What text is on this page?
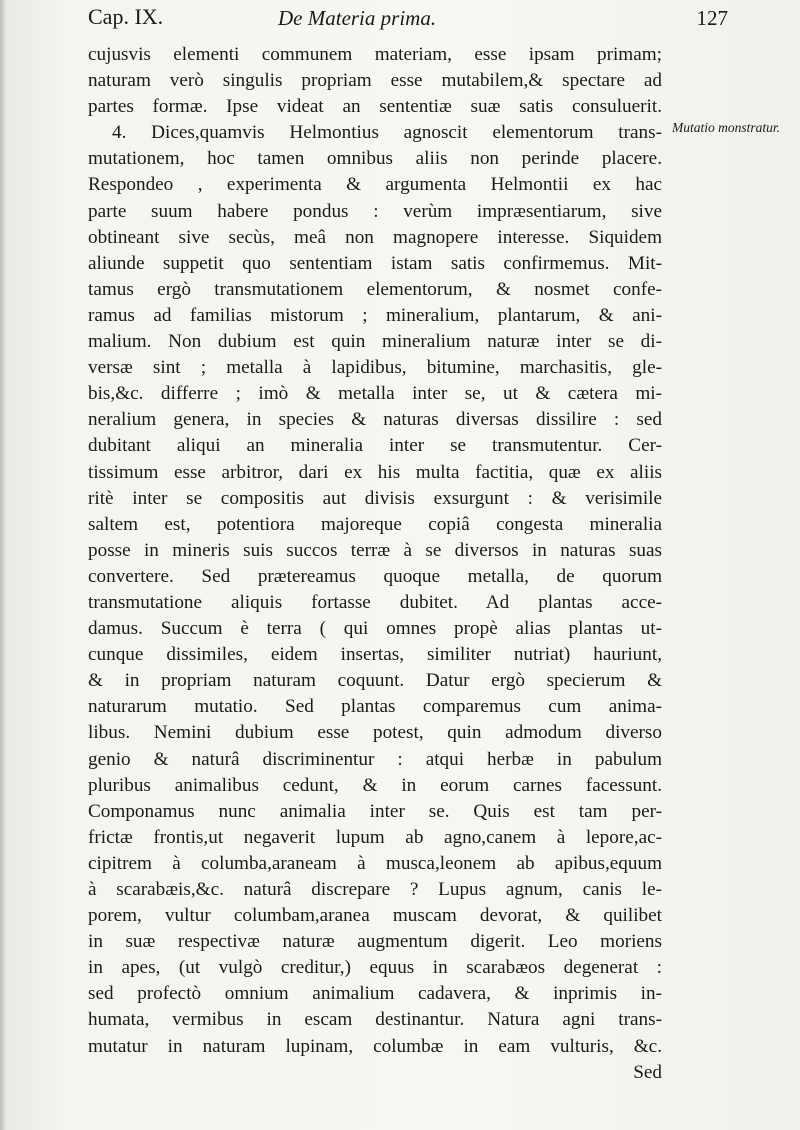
Cap. IX.	De Materia prima.	127
cujusvis elementi communem materiam, esse ipsam primam;
naturam verò singulis propriam esse mutabilem,& spectare ad
partes formæ. Ipse videat an sententiæ suæ satis consuluerit.
4. Dices,quamvis Helmontius agnoscit elementorum trans-
mutationem, hoc tamen omnibus aliis non perinde placere.
Respondeo , experimenta & argumenta Helmontii ex hac
parte suum habere pondus : verùm impræsentiarum, sive
obtineant sive secùs, meâ non magnopere interesse. Siquidem
aliunde suppetit quo sententiam istam satis confirmemus. Mit-
tamus ergò transmutationem elementorum, & nosmet confe-
ramus ad familias mistorum ; mineralium, plantarum, & ani-
malium. Non dubium est quin mineralium naturæ inter se di-
versæ sint ; metalla à lapidibus, bitumine, marchasitis, gle-
bis,&c. differre ; imò & metalla inter se, ut & cætera mi-
neralium genera, in species & naturas diversas dissilire : sed
dubitant aliqui an mineralia inter se transmutentur. Cer-
tissimum esse arbitror, dari ex his multa factitia, quæ ex aliis
ritè inter se compositis aut divisis exsurgunt : & verisimile
saltem est, potentiora majoreque copiâ congesta mineralia
posse in mineris suis succos terræ à se diversos in naturas suas
convertere. Sed prætereamus quoque metalla, de quorum
transmutatione aliquis fortasse dubitet. Ad plantas acce-
damus. Succum è terra ( qui omnes propè alias plantas ut-
cunque dissimiles, eidem insertas, similiter nutriat) hauriunt,
& in propriam naturam coquunt. Datur ergò specierum &
naturarum mutatio. Sed plantas comparemus cum anima-
libus. Nemini dubium esse potest, quin admodum diverso
genio & naturâ discriminentur : atqui herbæ in pabulum
pluribus animalibus cedunt, & in eorum carnes facessunt.
Componamus nunc animalia inter se. Quis est tam per-
frictæ frontis,ut negaverit lupum ab agno,canem à lepore,ac-
cipitrem à columba,araneam à musca,leonem ab apibus,equum
à scarabæis,&c. naturâ discrepare ? Lupus agnum, canis le-
porem, vultur columbam,aranea muscam devorat, & quilibet
in suæ respectivæ naturæ augmentum digerit. Leo moriens
in apes, (ut vulgò creditur,) equus in scarabæos degenerat :
sed profectò omnium animalium cadavera, & inprimis in-
humata, vermibus in escam destinantur. Natura agni trans-
mutatur in naturam lupinam, columbæ in eam vulturis, &c.
Sed
Mutatio monstratur.
